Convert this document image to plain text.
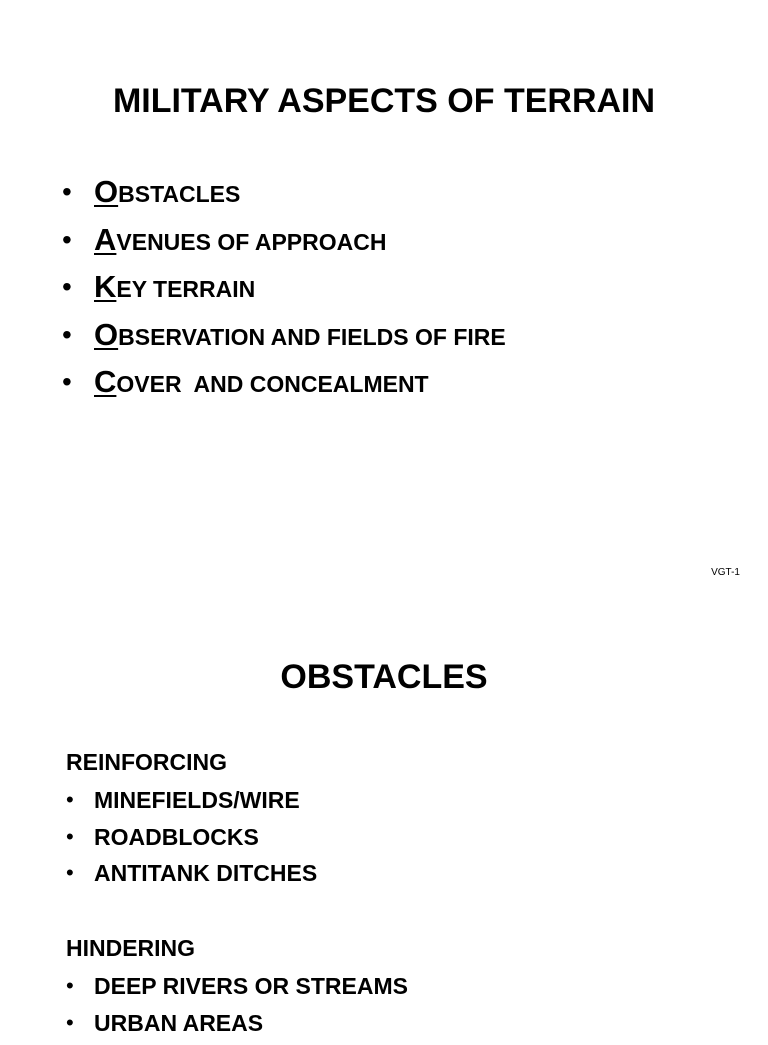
MILITARY ASPECTS OF TERRAIN
• OBSTACLES
• AVENUES OF APPROACH
• KEY TERRAIN
• OBSERVATION AND FIELDS OF FIRE
• COVER  AND CONCEALMENT
VGT-1
OBSTACLES
REINFORCING
• MINEFIELDS/WIRE
• ROADBLOCKS
• ANTITANK DITCHES
HINDERING
• DEEP RIVERS OR STREAMS
• URBAN AREAS
